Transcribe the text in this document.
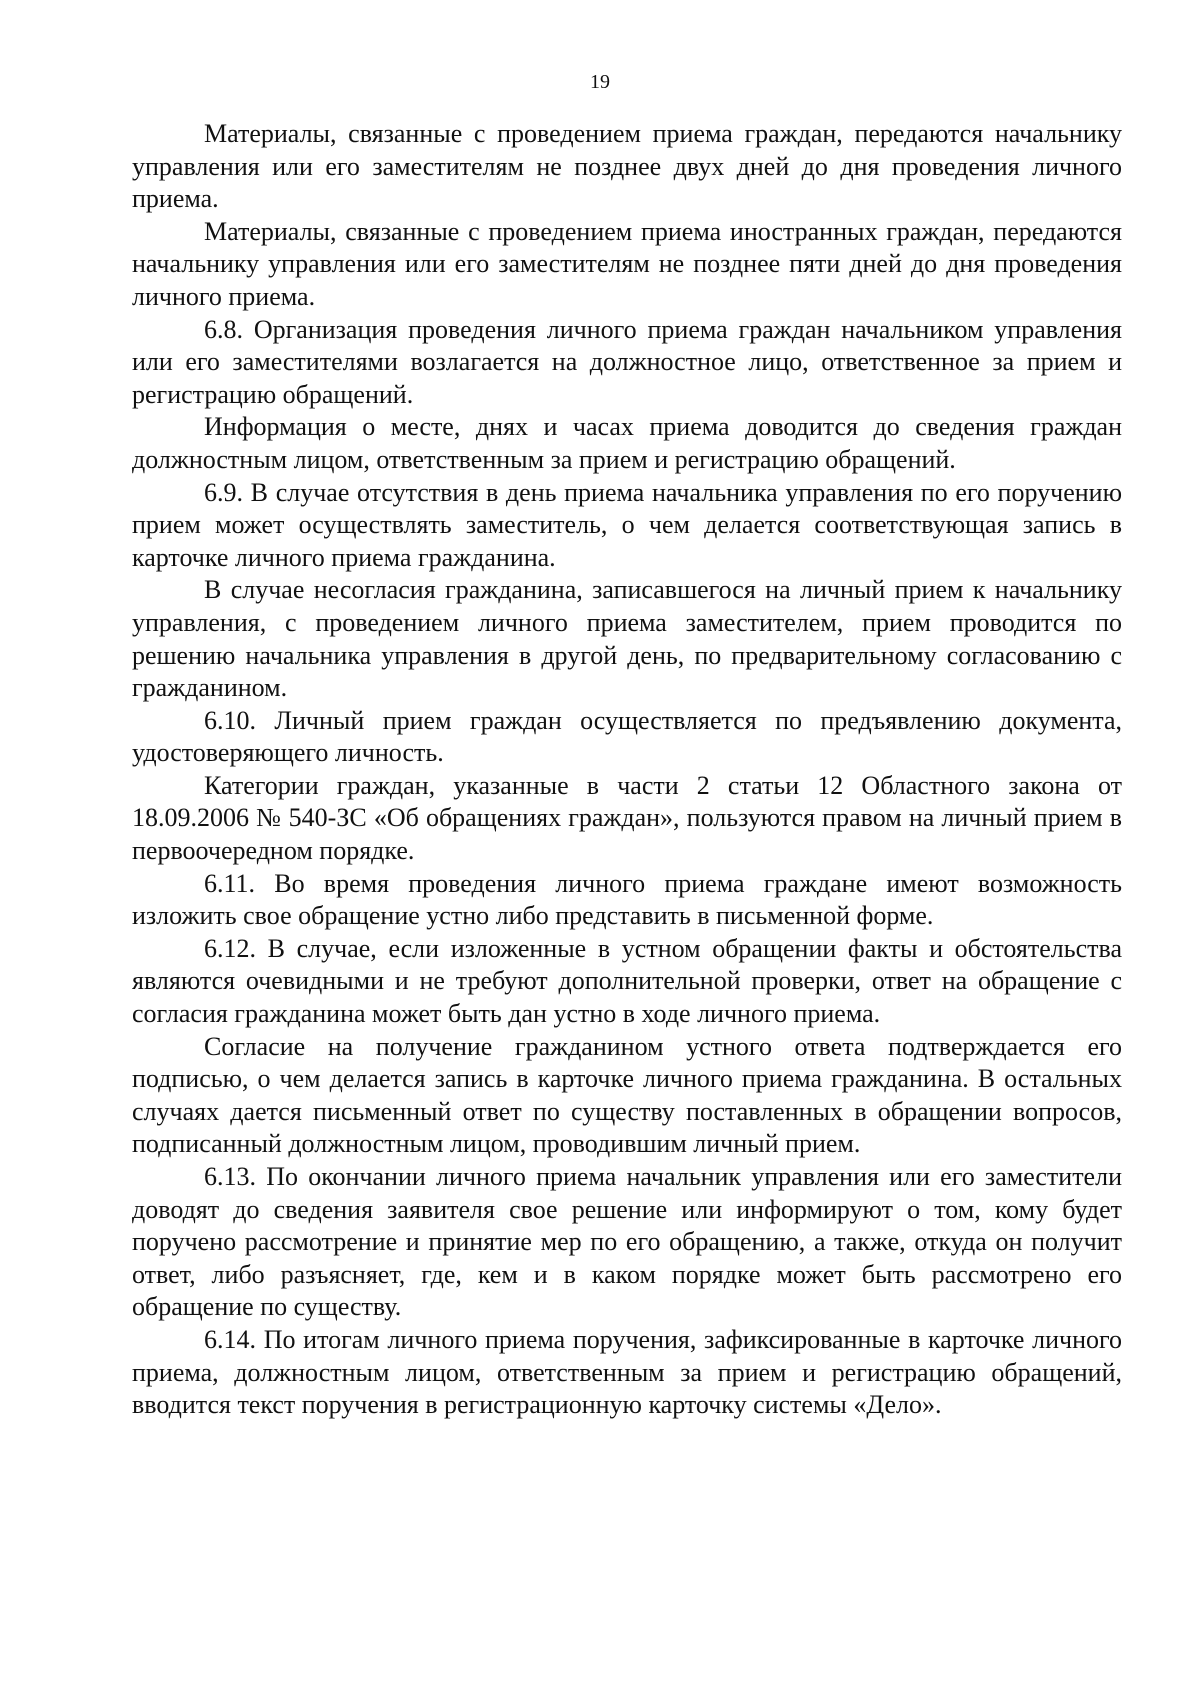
19

Материалы, связанные с проведением приема граждан, передаются начальнику управления или его заместителям не позднее двух дней до дня проведения личного приема.

Материалы, связанные с проведением приема иностранных граждан, передаются начальнику управления или его заместителям не позднее пяти дней до дня проведения личного приема.

6.8. Организация проведения личного приема граждан начальником управления или его заместителями возлагается на должностное лицо, ответственное за прием и регистрацию обращений.

Информация о месте, днях и часах приема доводится до сведения граждан должностным лицом, ответственным за прием и регистрацию обращений.

6.9. В случае отсутствия в день приема начальника управления по его поручению прием может осуществлять заместитель, о чем делается соответствующая запись в карточке личного приема гражданина.

В случае несогласия гражданина, записавшегося на личный прием к начальнику управления, с проведением личного приема заместителем, прием проводится по решению начальника управления в другой день, по предварительному согласованию с гражданином.

6.10. Личный прием граждан осуществляется по предъявлению документа, удостоверяющего личность.

Категории граждан, указанные в части 2 статьи 12 Областного закона от 18.09.2006 № 540-ЗС «Об обращениях граждан», пользуются правом на личный прием в первоочередном порядке.

6.11. Во время проведения личного приема граждане имеют возможность изложить свое обращение устно либо представить в письменной форме.

6.12. В случае, если изложенные в устном обращении факты и обстоятельства являются очевидными и не требуют дополнительной проверки, ответ на обращение с согласия гражданина может быть дан устно в ходе личного приема.

Согласие на получение гражданином устного ответа подтверждается его подписью, о чем делается запись в карточке личного приема гражданина. В остальных случаях дается письменный ответ по существу поставленных в обращении вопросов, подписанный должностным лицом, проводившим личный прием.

6.13. По окончании личного приема начальник управления или его заместители доводят до сведения заявителя свое решение или информируют о том, кому будет поручено рассмотрение и принятие мер по его обращению, а также, откуда он получит ответ, либо разъясняет, где, кем и в каком порядке может быть рассмотрено его обращение по существу.

6.14. По итогам личного приема поручения, зафиксированные в карточке личного приема, должностным лицом, ответственным за прием и регистрацию обращений, вводится текст поручения в регистрационную карточку системы «Дело».
